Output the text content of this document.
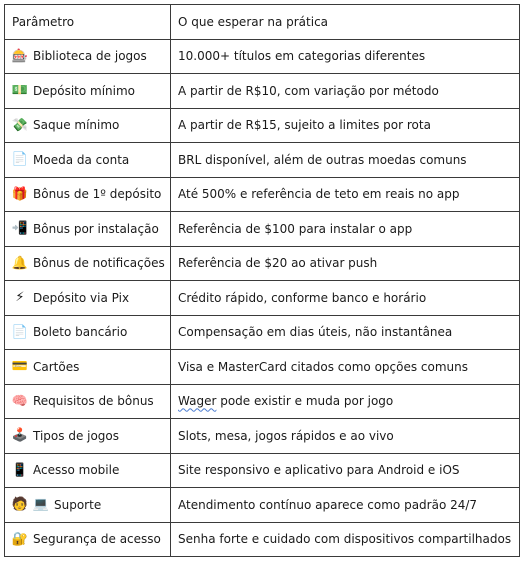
Parâmetro	O que esperar na prática

🎰 Biblioteca de jogos	10.000+ títulos em categorias diferentes

💵 Depósito mínimo	A partir de R$10, com variação por método

💸 Saque mínimo	A partir de R$15, sujeito a limites por rota

📄 Moeda da conta	BRL disponível, além de outras moedas comuns

🎁 Bônus de 1º depósito	Até 500% e referência de teto em reais no app

📲 Bônus por instalação	Referência de $100 para instalar o app

🔔 Bônus de notificações	Referência de $20 ao ativar push

⚡ Depósito via Pix	Crédito rápido, conforme banco e horário

📄 Boleto bancário	Compensação em dias úteis, não instantânea

💳 Cartões	Visa e MasterCard citados como opções comuns

🧠 Requisitos de bônus	Wager pode existir e muda por jogo

🕹️ Tipos de jogos	Slots, mesa, jogos rápidos e ao vivo

📱 Acesso mobile	Site responsivo e aplicativo para Android e iOS

🧑 💻 Suporte	Atendimento contínuo aparece como padrão 24/7

🔐 Segurança de acesso	Senha forte e cuidado com dispositivos compartilhados
